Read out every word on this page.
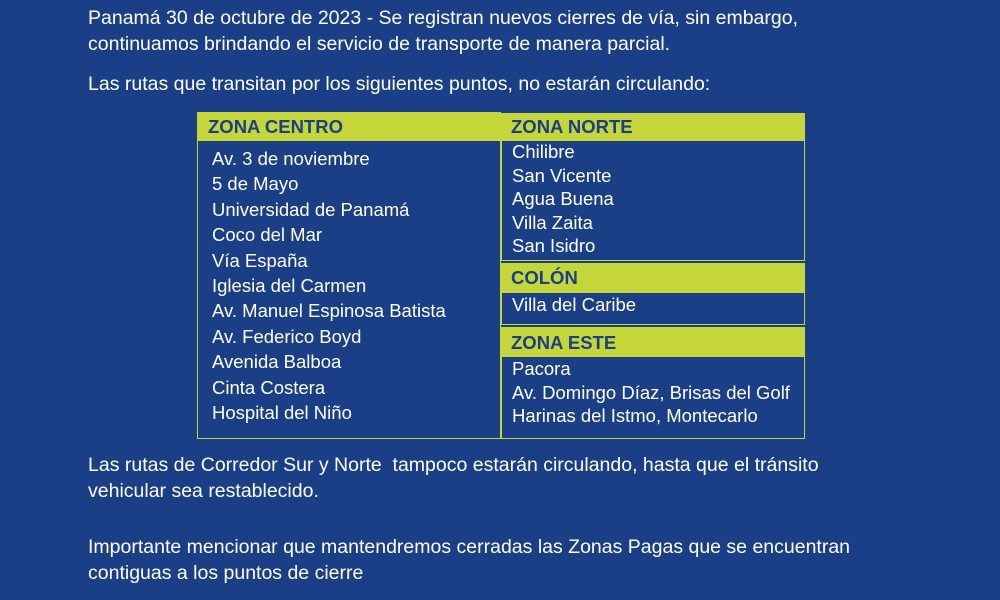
Panamá 30 de octubre de 2023 - Se registran nuevos cierres de vía, sin embargo,
continuamos brindando el servicio de transporte de manera parcial.

Las rutas que transitan por los siguientes puntos, no estarán circulando:

ZONA CENTRO
Av. 3 de noviembre
5 de Mayo
Universidad de Panamá
Coco del Mar
Vía España
Iglesia del Carmen
Av. Manuel Espinosa Batista
Av. Federico Boyd
Avenida Balboa
Cinta Costera
Hospital del Niño
ZONA NORTE
Chilibre
San Vicente
Agua Buena
Villa Zaita
San Isidro
COLÓN
Villa del Caribe
ZONA ESTE
Pacora
Av. Domingo Díaz, Brisas del Golf
Harinas del Istmo, Montecarlo

Las rutas de Corredor Sur y Norte  tampoco estarán circulando, hasta que el tránsito
vehicular sea restablecido.

Importante mencionar que mantendremos cerradas las Zonas Pagas que se encuentran
contiguas a los puntos de cierre
